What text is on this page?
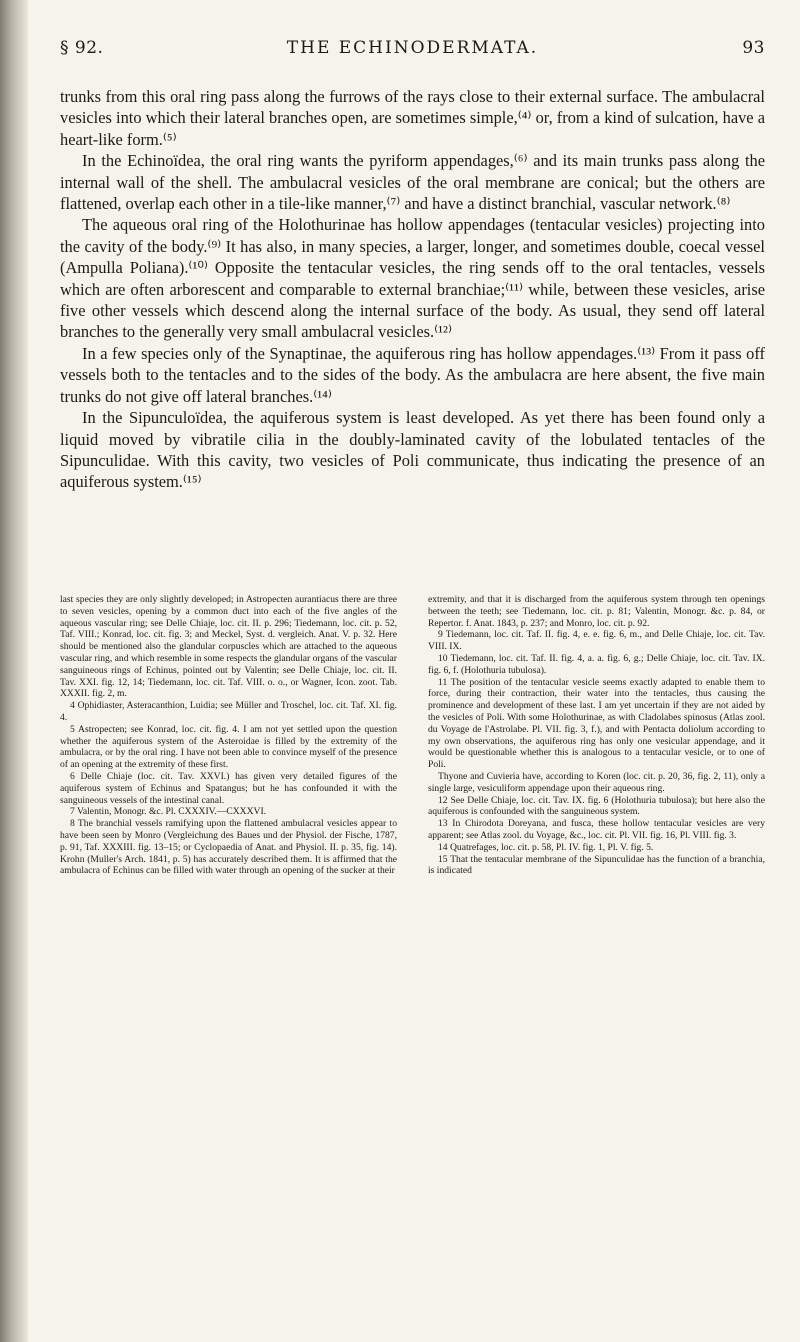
§ 92.	THE ECHINODERMATA.	93

trunks from this oral ring pass along the furrows of the rays close to their external surface. The ambulacral vesicles into which their lateral branches open, are sometimes simple,⁽⁴⁾ or, from a kind of sulcation, have a heart-like form.⁽⁵⁾

In the Echinoïdea, the oral ring wants the pyriform appendages,⁽⁶⁾ and its main trunks pass along the internal wall of the shell. The ambulacral vesicles of the oral membrane are conical; but the others are flattened, overlap each other in a tile-like manner,⁽⁷⁾ and have a distinct branchial, vascular network.⁽⁸⁾

The aqueous oral ring of the Holothurinae has hollow appendages (tentacular vesicles) projecting into the cavity of the body.⁽⁹⁾ It has also, in many species, a larger, longer, and sometimes double, coecal vessel (Ampulla Poliana).⁽¹⁰⁾ Opposite the tentacular vesicles, the ring sends off to the oral tentacles, vessels which are often arborescent and comparable to external branchiae;⁽¹¹⁾ while, between these vesicles, arise five other vessels which descend along the internal surface of the body. As usual, they send off lateral branches to the generally very small ambulacral vesicles.⁽¹²⁾

In a few species only of the Synaptinae, the aquiferous ring has hollow appendages.⁽¹³⁾ From it pass off vessels both to the tentacles and to the sides of the body. As the ambulacra are here absent, the five main trunks do not give off lateral branches.⁽¹⁴⁾

In the Sipunculoïdea, the aquiferous system is least developed. As yet there has been found only a liquid moved by vibratile cilia in the doubly-laminated cavity of the lobulated tentacles of the Sipunculidae. With this cavity, two vesicles of Poli communicate, thus indicating the presence of an aquiferous system.⁽¹⁵⁾

last species they are only slightly developed; in Astropecten aurantiacus there are three to seven vesicles, opening by a common duct into each of the five angles of the aqueous vascular ring; see Delle Chiaje, loc. cit. II. p. 296; Tiedemann, loc. cit. p. 52, Taf. VIII.; Konrad, loc. cit. fig. 3; and Meckel, Syst. d. vergleich. Anat. V. p. 32. Here should be mentioned also the glandular corpuscles which are attached to the aqueous vascular ring, and which resemble in some respects the glandular organs of the vascular sanguineous rings of Echinus, pointed out by Valentin; see Delle Chiaje, loc. cit. II. Tav. XXI. fig. 12, 14; Tiedemann, loc. cit. Taf. VIII. o. o., or Wagner, Icon. zoot. Tab. XXXII. fig. 2, m.

4 Ophidiaster, Asteracanthion, Luidia; see Müller and Troschel, loc. cit. Taf. XI. fig. 4.

5 Astropecten; see Konrad, loc. cit. fig. 4. I am not yet settled upon the question whether the aquiferous system of the Asteroidae is filled by the extremity of the ambulacra, or by the oral ring. I have not been able to convince myself of the presence of an opening at the extremity of these first.

6 Delle Chiaje (loc. cit. Tav. XXVI.) has given very detailed figures of the aquiferous system of Echinus and Spatangus; but he has confounded it with the sanguineous vessels of the intestinal canal.

7 Valentin, Monogr. &c. Pl. CXXXIV.—CXXXVI.

8 The branchial vessels ramifying upon the flattened ambulacral vesicles appear to have been seen by Monro (Vergleichung des Baues und der Physiol. der Fische, 1787, p. 91, Taf. XXXIII. fig. 13–15; or Cyclopaedia of Anat. and Physiol. II. p. 35, fig. 14). Krohn (Muller's Arch. 1841, p. 5) has accurately described them. It is affirmed that the ambulacra of Echinus can be filled with water through an opening of the sucker at their

extremity, and that it is discharged from the aquiferous system through ten openings between the teeth; see Tiedemann, loc. cit. p. 81; Valentin, Monogr. &c. p. 84, or Repertor. f. Anat. 1843, p. 237; and Monro, loc. cit. p. 92.

9 Tiedemann, loc. cit. Taf. II. fig. 4, e. e. fig. 6, m., and Delle Chiaje, loc. cit. Tav. VIII. IX.

10 Tiedemann, loc. cit. Taf. II. fig. 4, a. a. fig. 6, g.; Delle Chiaje, loc. cit. Tav. IX. fig. 6, f. (Holothuria tubulosa).

11 The position of the tentacular vesicle seems exactly adapted to enable them to force, during their contraction, their water into the tentacles, thus causing the prominence and development of these last. I am yet uncertain if they are not aided by the vesicles of Poli. With some Holothurinae, as with Cladolabes spinosus (Atlas zool. du Voyage de l'Astrolabe. Pl. VII. fig. 3, f.), and with Pentacta doliolum according to my own observations, the aquiferous ring has only one vesicular appendage, and it would be questionable whether this is analogous to a tentacular vesicle, or to one of Poli.

Thyone and Cuvieria have, according to Koren (loc. cit. p. 20, 36, fig. 2, 11), only a single large, vesiculiform appendage upon their aqueous ring.

12 See Delle Chiaje, loc. cit. Tav. IX. fig. 6 (Holothuria tubulosa); but here also the aquiferous is confounded with the sanguineous system.

13 In Chirodota Doreyana, and fusca, these hollow tentacular vesicles are very apparent; see Atlas zool. du Voyage, &c., loc. cit. Pl. VII. fig. 16, Pl. VIII. fig. 3.

14 Quatrefages, loc. cit. p. 58, Pl. IV. fig. 1, Pl. V. fig. 5.

15 That the tentacular membrane of the Sipunculidae has the function of a branchia, is indicated
